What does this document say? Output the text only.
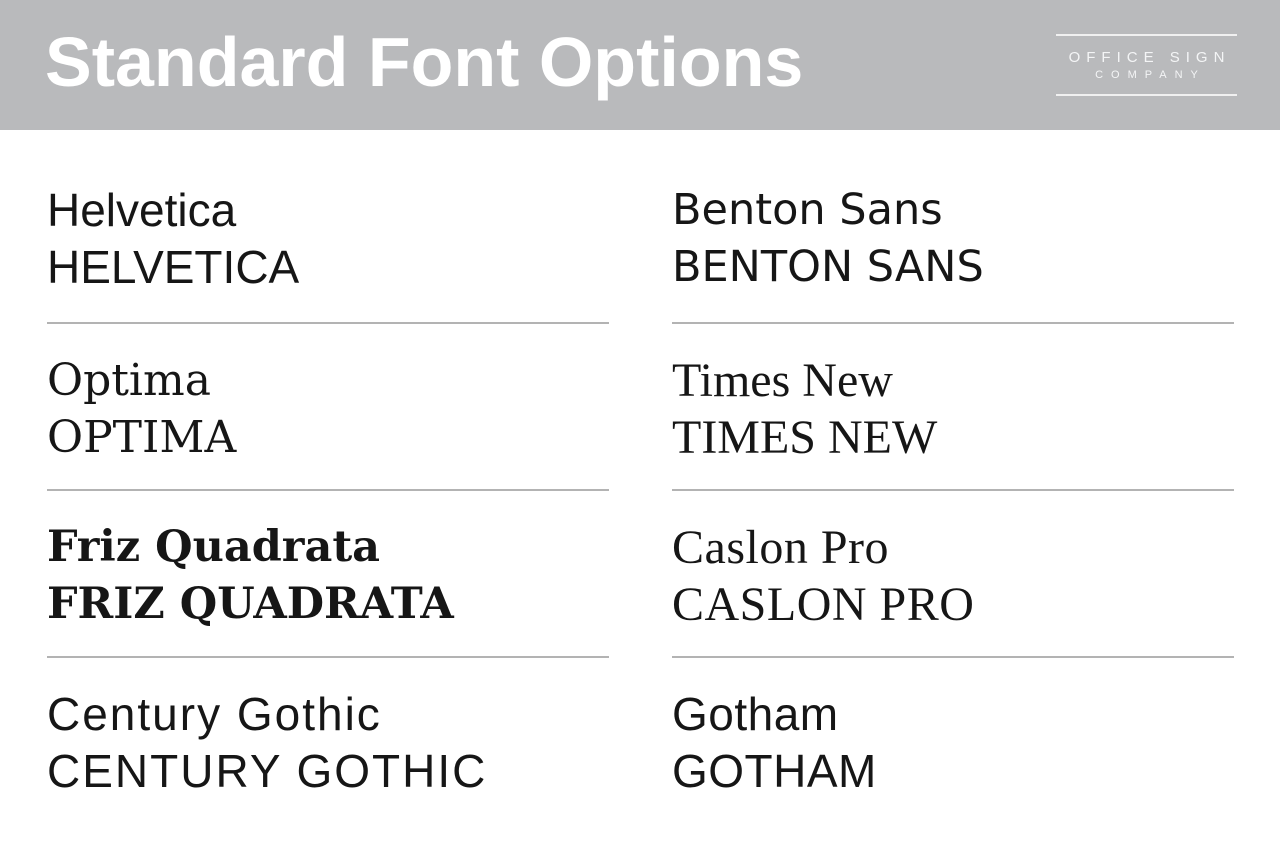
Standard Font Options	OFFICE SIGN
COMPANY
Helvetica
HELVETICA
Benton Sans
BENTON SANS
Optima
OPTIMA
Times New
TIMES NEW
Friz Quadrata
FRIZ QUADRATA
Caslon Pro
CASLON PRO
Century Gothic
CENTURY GOTHIC
Gotham
GOTHAM
